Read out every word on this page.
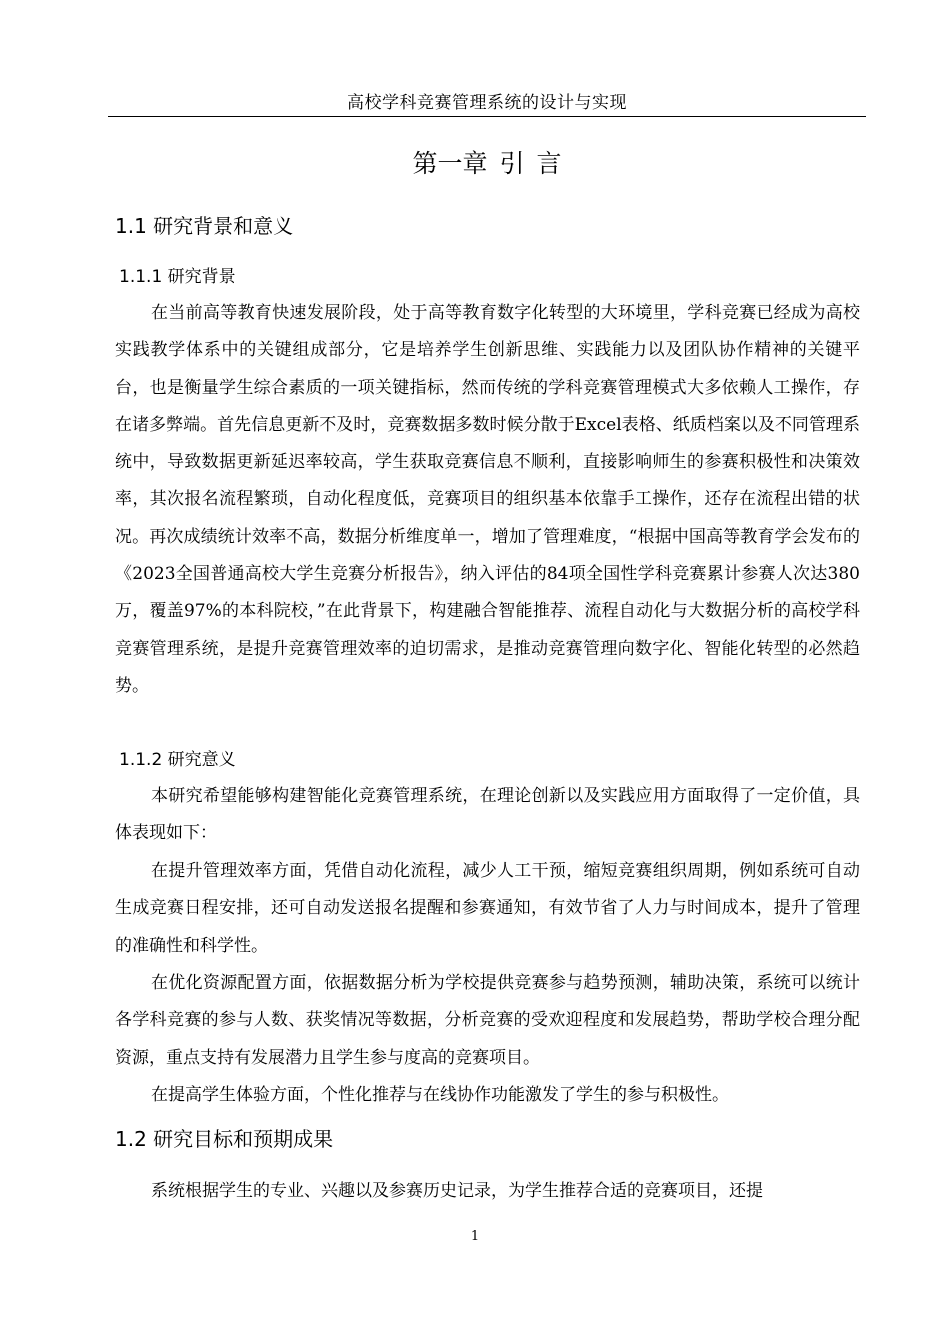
高校学科竞赛管理系统的设计与实现
第一章 引 言
1.1 研究背景和意义
1.1.1 研究背景

在当前高等教育快速发展阶段，处于高等教育数字化转型的大环境里，学科竞赛已经成为高校实践教学体系中的关键组成部分，它是培养学生创新思维、实践能力以及团队协作精神的关键平台，也是衡量学生综合素质的一项关键指标，然而传统的学科竞赛管理模式大多依赖人工操作，存在诸多弊端。首先信息更新不及时，竞赛数据多数时候分散于Excel表格、纸质档案以及不同管理系统中，导致数据更新延迟率较高，学生获取竞赛信息不顺利，直接影响师生的参赛积极性和决策效率，其次报名流程繁琐，自动化程度低，竞赛项目的组织基本依靠手工操作，还存在流程出错的状况。再次成绩统计效率不高，数据分析维度单一，增加了管理难度，“根据中国高等教育学会发布的《2023全国普通高校大学生竞赛分析报告》，纳入评估的84项全国性学科竞赛累计参赛人次达380万，覆盖97%的本科院校，”在此背景下，构建融合智能推荐、流程自动化与大数据分析的高校学科竞赛管理系统，是提升竞赛管理效率的迫切需求，是推动竞赛管理向数字化、智能化转型的必然趋势。

1.1.2 研究意义

本研究希望能够构建智能化竞赛管理系统，在理论创新以及实践应用方面取得了一定价值，具体表现如下：

在提升管理效率方面，凭借自动化流程，减少人工干预，缩短竞赛组织周期，例如系统可自动生成竞赛日程安排，还可自动发送报名提醒和参赛通知，有效节省了人力与时间成本，提升了管理的准确性和科学性。

在优化资源配置方面，依据数据分析为学校提供竞赛参与趋势预测，辅助决策，系统可以统计各学科竞赛的参与人数、获奖情况等数据，分析竞赛的受欢迎程度和发展趋势，帮助学校合理分配资源，重点支持有发展潜力且学生参与度高的竞赛项目。

在提高学生体验方面，个性化推荐与在线协作功能激发了学生的参与积极性。

1.2 研究目标和预期成果

系统根据学生的专业、兴趣以及参赛历史记录，为学生推荐合适的竞赛项目，还提

1
